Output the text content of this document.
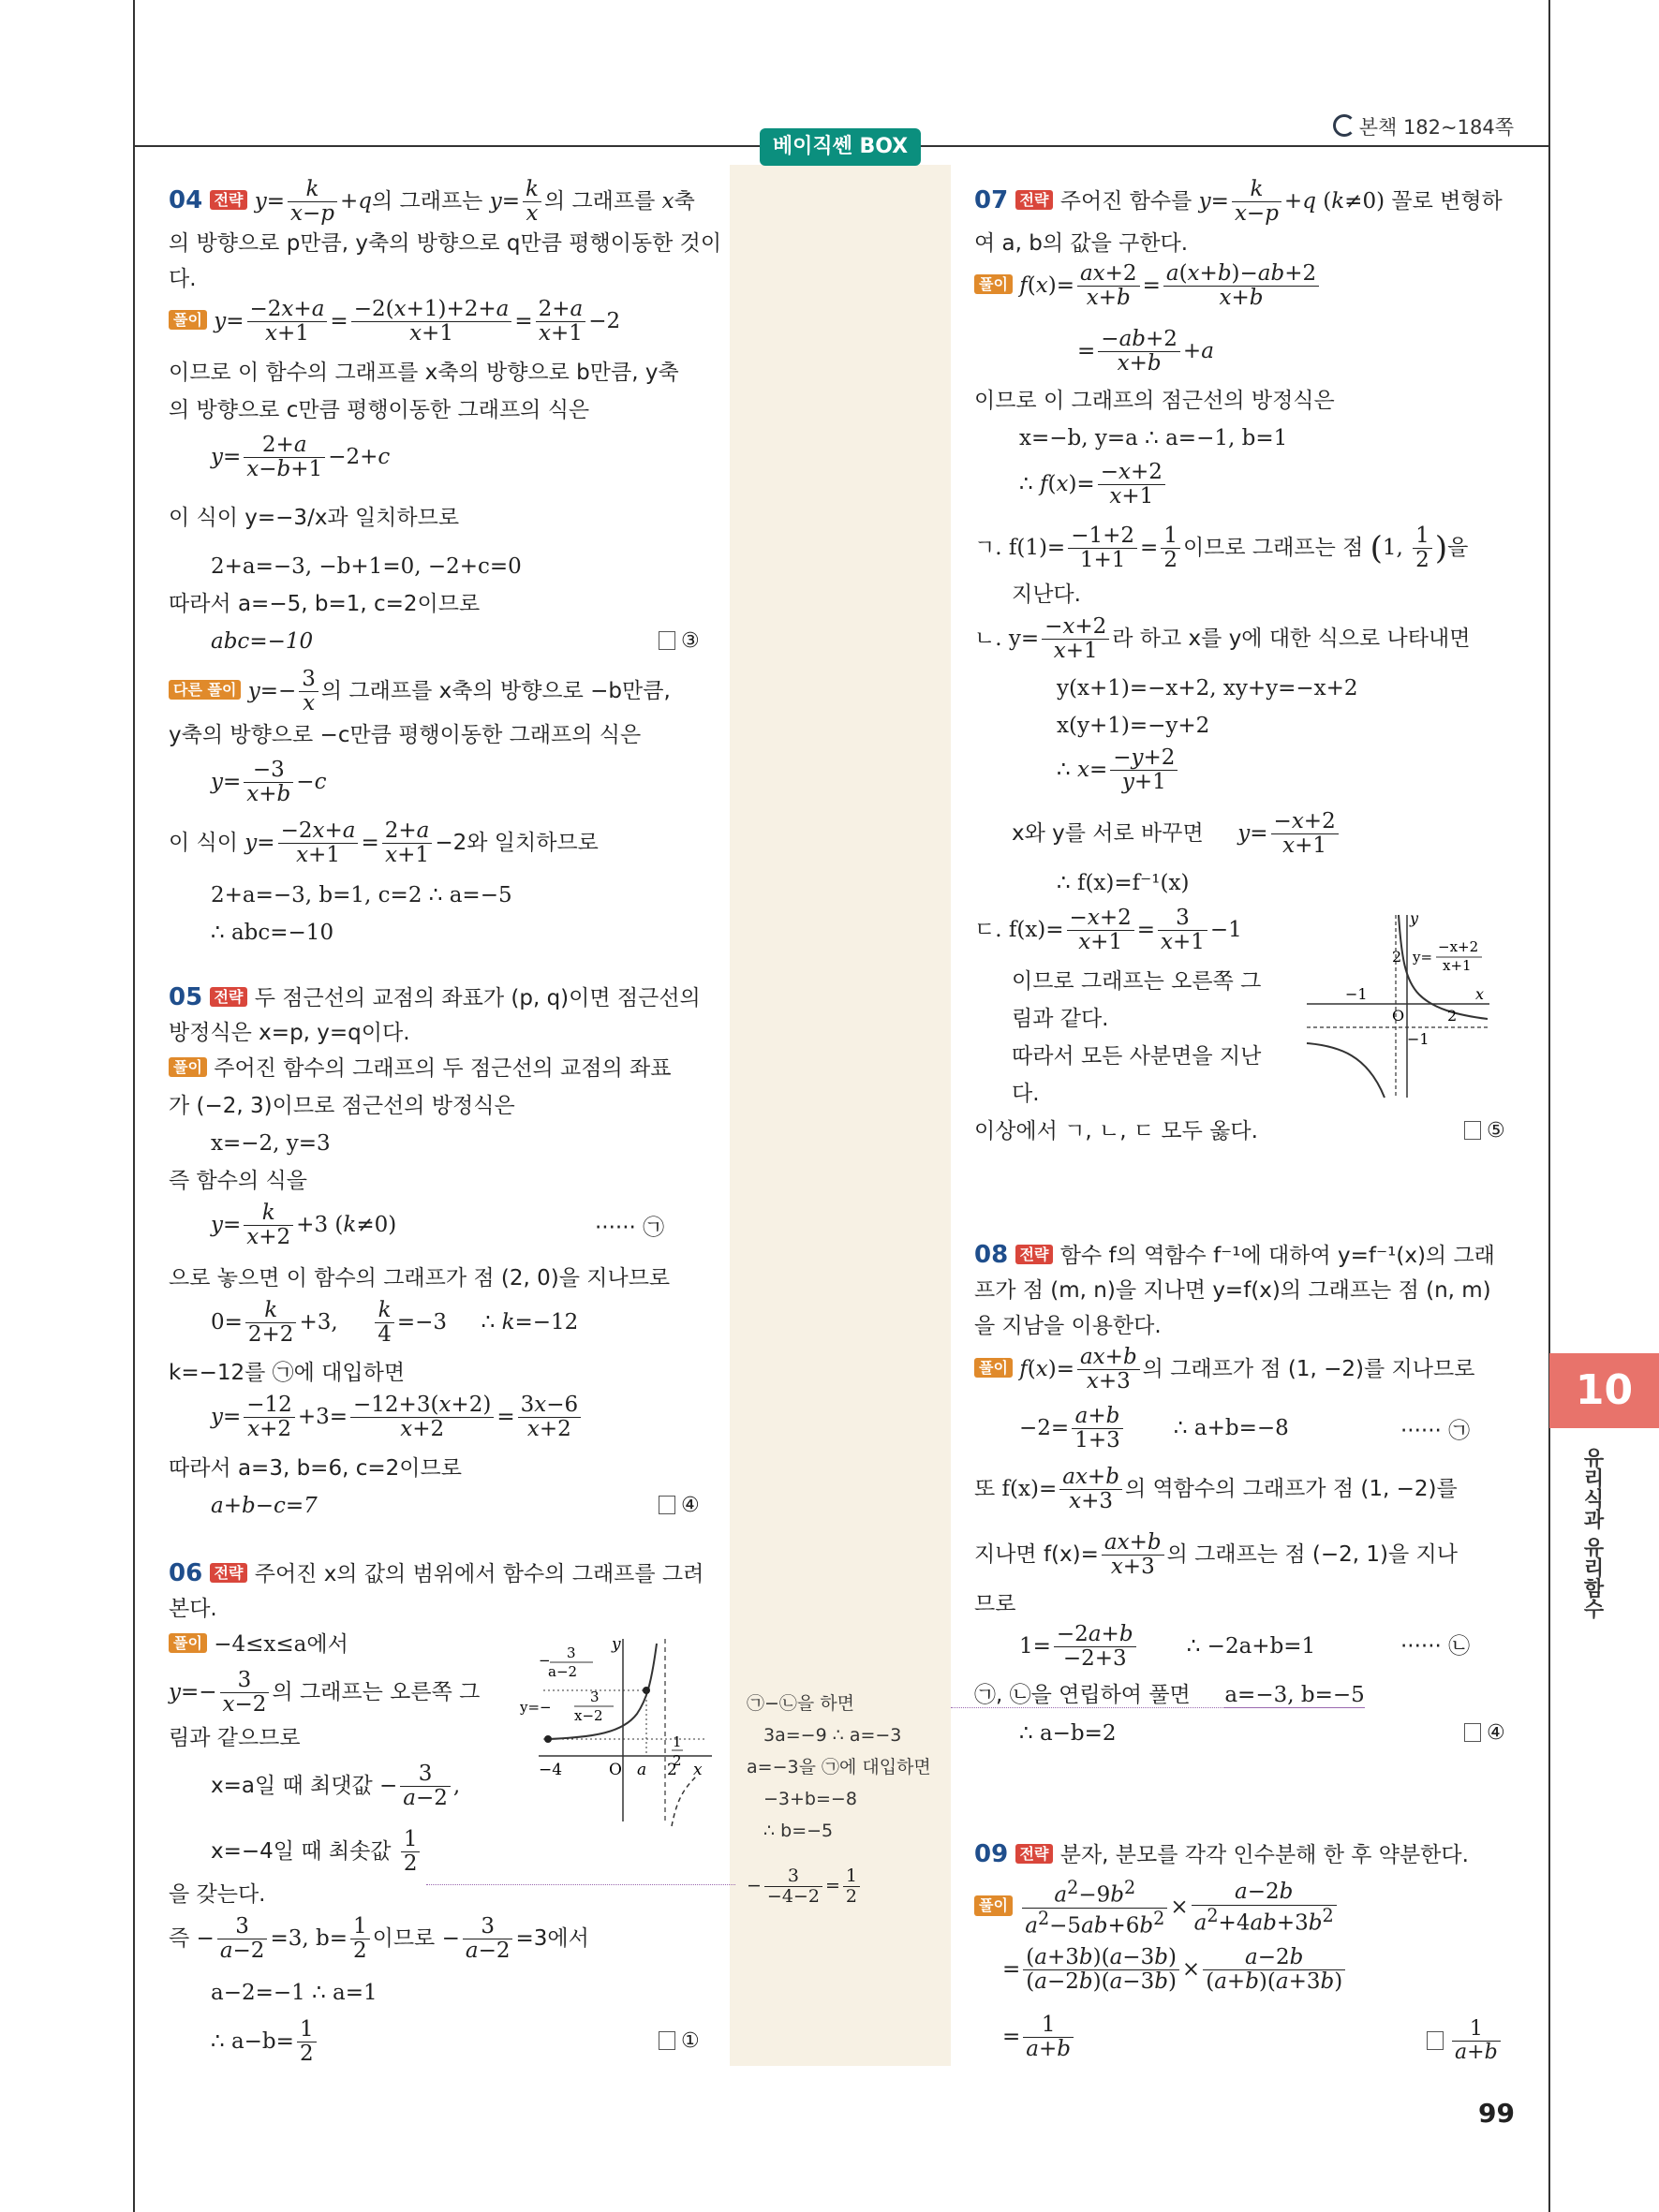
본책 182~184쪽
베이직쎈 BOX
10
유리식과 유리함수
04 전략 $y= \frac{k}{x-p} +q$의 그래프는 $y= \frac{k}{x}$ 의 그래프를 x축
의 방향으로 p만큼, y축의 방향으로 q만큼 평행이동한 것이
다.
풀이 $y= \frac{-2x+a}{x+1} = \frac{-2(x+1)+2+a}{x+1} = \frac{2+a}{x+1} -2$
이므로 이 함수의 그래프를 x축의 방향으로 b만큼, y축
의 방향으로 c만큼 평행이동한 그래프의 식은
$y= \frac{2+a}{x-b+1} -2+c$
이 식이 y=−3/x과 일치하므로
2+a=−3, −b+1=0, −2+c=0
따라서 a=−5, b=1, c=2이므로
abc=−10	③
다른 풀이 $y=- \frac{3}{x}$ 의 그래프를 x축의 방향으로 −b만큼,
y축의 방향으로 −c만큼 평행이동한 그래프의 식은
$y= \frac{-3}{x+b} -c$
이 식이 $y= \frac{-2x+a}{x+1} = \frac{2+a}{x+1} -2$와 일치하므로
2+a=−3, b=1, c=2 ∴ a=−5
∴ abc=−10
05 전략 두 점근선의 교점의 좌표가 (p, q)이면 점근선의
방정식은 x=p, y=q이다.
풀이 주어진 함수의 그래프의 두 점근선의 교점의 좌표
가 (−2, 3)이므로 점근선의 방정식은
x=−2, y=3
즉 함수의 식을
$y= \frac{k}{x+2} +3$ (k≠0)	······ ㉠
으로 놓으면 이 함수의 그래프가 점 (2, 0)을 지나므로
$0= \frac{k}{2+2} +3$, $\frac{k}{4} =-3$     ∴ k=−12
k=−12를 ㉠에 대입하면
$y= \frac{-12}{x+2} +3= \frac{-12+3(x+2)}{x+2} = \frac{3x-6}{x+2}$
따라서 a=3, b=6, c=2이므로
a+b−c=7	④
06 전략 주어진 x의 값의 범위에서 함수의 그래프를 그려
본다.
풀이 −4≤x≤a에서
$y=- \frac{3}{x-2}$ 의 그래프는 오른쪽 그
림과 같으므로
x=a일 때 최댓값 − $\frac{3}{a-2}$ ,
x=−4일 때 최솟값 $\frac{1}{2}$
을 갖는다.
즉 − $\frac{3}{a-2} =3$, $b= \frac{1}{2}$ 이므로 − $\frac{3}{a-2} =3$에서
a−2=−1 ∴ a=1
∴ $a-b= \frac{1}{2}$	①
−4	O a 2 x
y
1
2
3
a−2
−
y=−
3
x−2
㉠−㉡을 하면
3a=−9 ∴ a=−3
a=−3을 ㉠에 대입하면
−3+b=−8
∴ b=−5
− $\frac{3}{-4-2} = \frac{1}{2}$
07 전략 주어진 함수를 $y= \frac{k}{x-p} +q$ (k≠0) 꼴로 변형하
여 a, b의 값을 구한다.
풀이 $f(x)= \frac{ax+2}{x+b} = \frac{a(x+b)-ab+2}{x+b}$
= $\frac{-ab+2}{x+b} +a$
이므로 이 그래프의 점근선의 방정식은
x=−b, y=a ∴ a=−1, b=1
∴ $f(x)= \frac{-x+2}{x+1}$
ㄱ. $f(1)= \frac{-1+2}{1+1} = \frac{1}{2}$ 이므로 그래프는 점 (1, $\frac{1}{2}$ )을
지난다.
ㄴ. $y= \frac{-x+2}{x+1}$ 라 하고 x를 y에 대한 식으로 나타내면
y(x+1)=−x+2, xy+y=−x+2
x(y+1)=−y+2
∴ $x= \frac{-y+2}{y+1}$
x와 y를 서로 바꾸면 $y= \frac{-x+2}{x+1}$
∴ f(x)=f⁻¹(x)
ㄷ. $f(x)= \frac{-x+2}{x+1} = \frac{3}{x+1} -1$
이므로 그래프는 오른쪽 그
림과 같다.
따라서 모든 사분면을 지난
다.
이상에서 ㄱ, ㄴ, ㄷ 모두 옳다.	⑤
y
−1
O	2
x
−1
2 y=
−x+2
x+1
08 전략 함수 f의 역함수 f⁻¹에 대하여 y=f⁻¹(x)의 그래
프가 점 (m, n)을 지나면 y=f(x)의 그래프는 점 (n, m)
을 지남을 이용한다.
풀이 $f(x)= \frac{ax+b}{x+3}$ 의 그래프가 점 (1, −2)를 지나므로
$-2= \frac{a+b}{1+3}$ ∴ a+b=−8	······ ㉠
또 $f(x)= \frac{ax+b}{x+3}$ 의 역함수의 그래프가 점 (1, −2)를
지나면 $f(x)= \frac{ax+b}{x+3}$ 의 그래프는 점 (−2, 1)을 지나
므로
$1= \frac{-2a+b}{-2+3}$ ∴ −2a+b=1	······ ㉡
㉠, ㉡을 연립하여 풀면 a=−3, b=−5
∴ a−b=2	④
09 전략 분자, 분모를 각각 인수분해 한 후 약분한다.
풀이 $\frac{a^2-9b^2}{a^2-5ab+6b^2} \times \frac{a-2b}{a^2+4ab+3b^2}$
= $\frac{(a+3b)(a-3b)}{(a-2b)(a-3b)} \times \frac{a-2b}{(a+b)(a+3b)}$
= $\frac{1}{a+b}$	$\frac{1}{a+b}$
99
